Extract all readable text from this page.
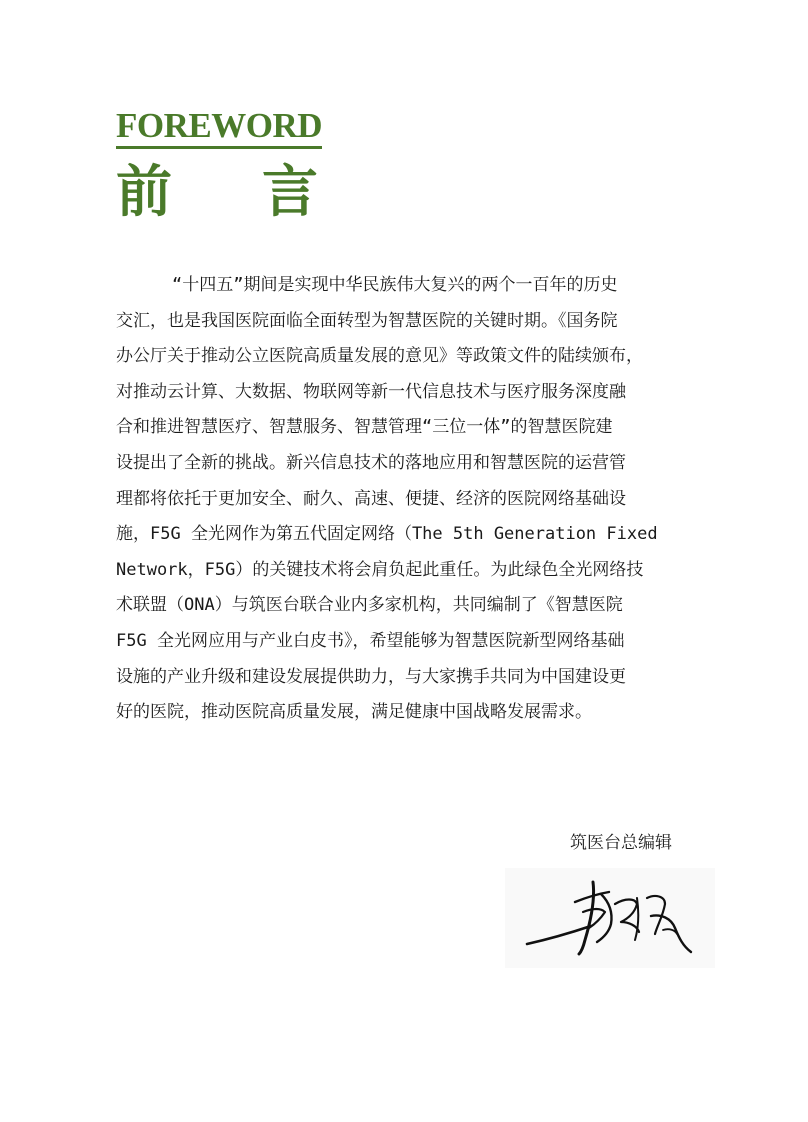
FOREWORD
前 言
“十四五”期间是实现中华民族伟大复兴的两个一百年的历史
交汇，也是我国医院面临全面转型为智慧医院的关键时期。《国务院
办公厅关于推动公立医院高质量发展的意见》等政策文件的陆续颁布，
对推动云计算、大数据、物联网等新一代信息技术与医疗服务深度融
合和推进智慧医疗、智慧服务、智慧管理“三位一体”的智慧医院建
设提出了全新的挑战。新兴信息技术的落地应用和智慧医院的运营管
理都将依托于更加安全、耐久、高速、便捷、经济的医院网络基础设
施，F5G 全光网作为第五代固定网络（The 5th Generation Fixed
Network，F5G）的关键技术将会肩负起此重任。为此绿色全光网络技
术联盟（ONA）与筑医台联合业内多家机构，共同编制了《智慧医院
F5G 全光网应用与产业白皮书》，希望能够为智慧医院新型网络基础
设施的产业升级和建设发展提供助力，与大家携手共同为中国建设更
好的医院，推动医院高质量发展，满足健康中国战略发展需求。
筑医台总编辑
